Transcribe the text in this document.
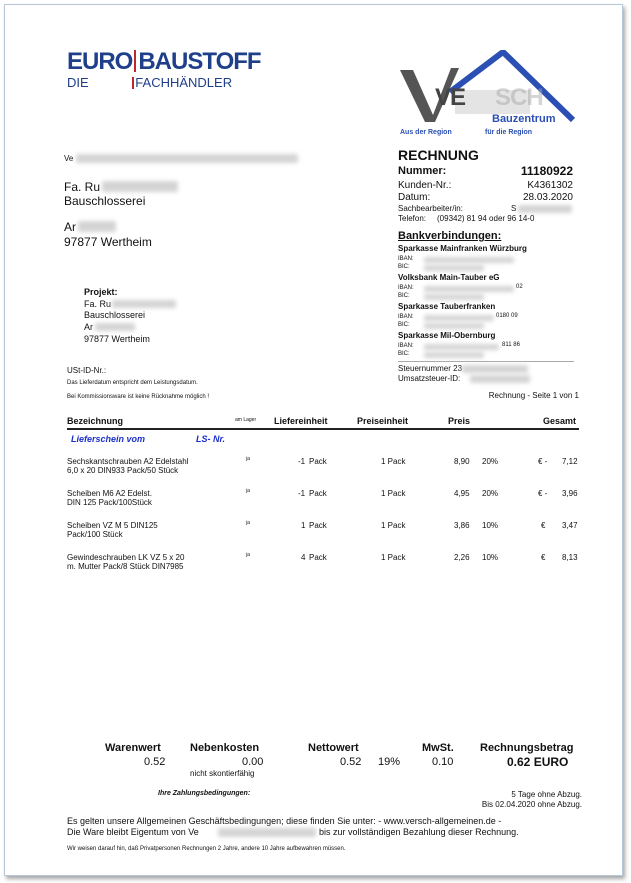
EURO BAUSTOFF
DIE	FACHHÄNDLER
VE SCH
Bauzentrum
Aus der Region	für die Region
Ve
Fa. Ru
Bauschlosserei
Ar
97877 Wertheim
Projekt:
Fa. Ru
Bauschlosserei
Ar
97877 Wertheim
USt-ID-Nr.:
Das Lieferdatum entspricht dem Leistungsdatum.
Bei Kommissionsware ist keine Rücknahme möglich !
RECHNUNG
Nummer:	11180922
Kunden-Nr.:	K4361302
Datum:	28.03.2020
Sachbearbeiter/in:	S
Telefon: (09342) 81 94 oder 96 14-0
Bankverbindungen:
Sparkasse Mainfranken Würzburg
IBAN:
BIC:
Volksbank Main-Tauber eG
IBAN:	02
BIC:
Sparkasse Tauberfranken
IBAN:	0180 09
BIC:
Sparkasse Mil-Obernburg
IBAN:	811 86
BIC:
Steuernummer 23
Umsatzsteuer-ID:
Rechnung - Seite 1 von 1
Bezeichnung	am Lager Liefereinheit	Preiseinheit	Preis	Gesamt
Lieferschein vom	LS- Nr.
Sechskantschrauben A2 Edelstahl
6,0 x 20 DIN933 Pack/50 Stück
ja	-1 Pack	1 Pack	8,90 20%	€ - 7,12
Scheiben M6 A2 Edelst.
DIN 125 Pack/100Stück
ja	-1 Pack	1 Pack	4,95 20%	€ - 3,96
Scheiben VZ M 5 DIN125
Pack/100 Stück
ja	1 Pack	1 Pack	3,86 10%	€ 3,47
Gewindeschrauben LK VZ 5 x 20
m. Mutter Pack/8 Stück DIN7985
ja	4 Pack	1 Pack	2,26 10%	€ 8,13
Warenwert
0.52
Nebenkosten
0.00
nicht skontierfähig
Nettowert
0.52 19%
MwSt.
0.10
Rechnungsbetrag
0.62 EURO
Ihre Zahlungsbedingungen:	5 Tage ohne Abzug.
Bis 02.04.2020 ohne Abzug.
Es gelten unsere Allgemeinen Geschäftsbedingungen; diese finden Sie unter: - www.versch-allgemeinen.de -
Die Ware bleibt Eigentum von Ve	bis zur vollständigen Bezahlung dieser Rechnung.
Wir weisen darauf hin, daß Privatpersonen Rechnungen 2 Jahre, andere 10 Jahre aufbewahren müssen.
